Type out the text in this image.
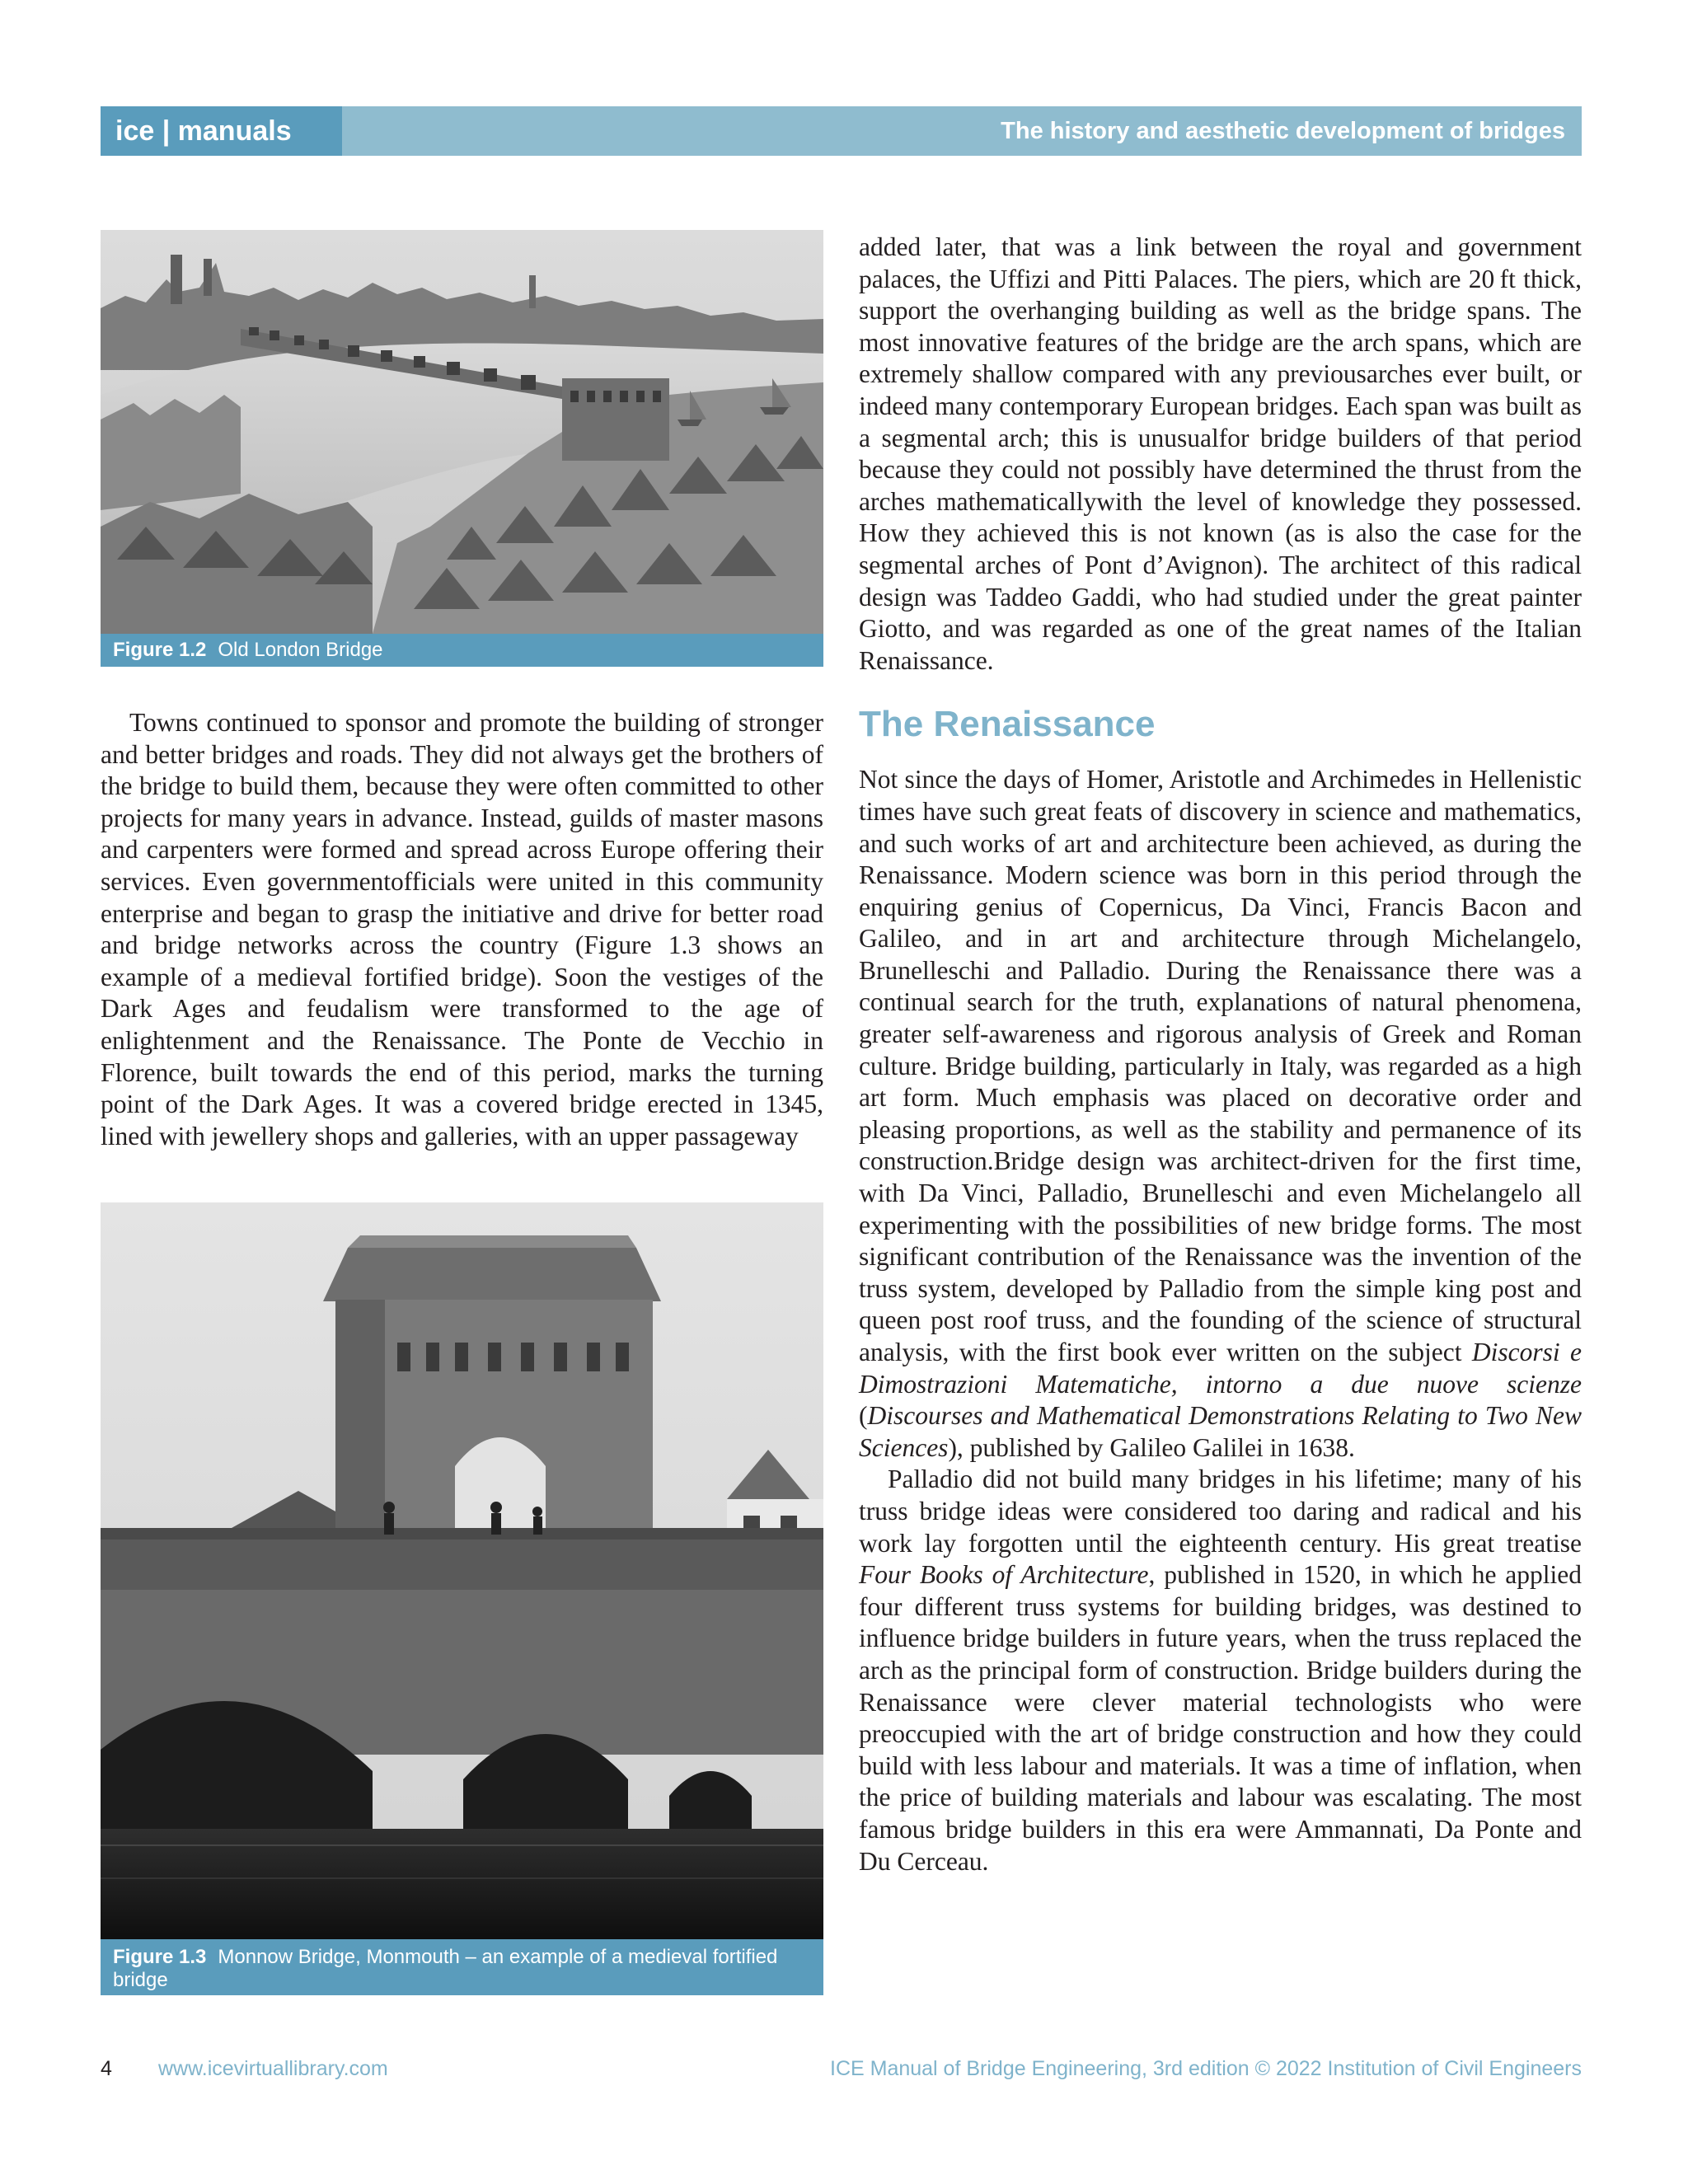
ice | manuals	The history and aesthetic development of bridges
Figure 1.2 Old London Bridge

Towns continued to sponsor and promote the building of stronger and better bridges and roads. They did not always get the brothers of the bridge to build them, because they were often committed to other projects for many years in advance. Instead, guilds of master masons and carpenters were formed and spread across Europe offering their services. Even governmentofficials were united in this community enterprise and began to grasp the initiative and drive for better road and bridge networks across the country (Figure 1.3 shows an example of a medieval fortified bridge). Soon the vestiges of the Dark Ages and feudalism were transformed to the age of enlightenment and the Renaissance. The Ponte de Vecchio in Florence, built towards the end of this period, marks the turning point of the Dark Ages. It was a covered bridge erected in 1345, lined with jewellery shops and galleries, with an upper passageway

Figure 1.3 Monnow Bridge, Monmouth – an example of a medieval fortified bridge

added later, that was a link between the royal and government palaces, the Uffizi and Pitti Palaces. The piers, which are 20 ft thick, support the overhanging building as well as the bridge spans. The most innovative features of the bridge are the arch spans, which are extremely shallow compared with any previousarches ever built, or indeed many contemporary European bridges. Each span was built as a segmental arch; this is unusualfor bridge builders of that period because they could not possibly have determined the thrust from the arches mathematicallywith the level of knowledge they possessed. How they achieved this is not known (as is also the case for the segmental arches of Pont d’Avignon). The architect of this radical design was Taddeo Gaddi, who had studied under the great painter Giotto, and was regarded as one of the great names of the Italian Renaissance.

The Renaissance

Not since the days of Homer, Aristotle and Archimedes in Hellenistic times have such great feats of discovery in science and mathematics, and such works of art and architecture been achieved, as during the Renaissance. Modern science was born in this period through the enquiring genius of Copernicus, Da Vinci, Francis Bacon and Galileo, and in art and architecture through Michelangelo, Brunelleschi and Palladio. During the Renaissance there was a continual search for the truth, explanations of natural phenomena, greater self-awareness and rigorous analysis of Greek and Roman culture. Bridge building, particularly in Italy, was regarded as a high art form. Much emphasis was placed on decorative order and pleasing proportions, as well as the stability and permanence of its construction.Bridge design was architect-driven for the first time, with Da Vinci, Palladio, Brunelleschi and even Michelangelo all experimenting with the possibilities of new bridge forms. The most significant contribution of the Renaissance was the invention of the truss system, developed by Palladio from the simple king post and queen post roof truss, and the founding of the science of structural analysis, with the first book ever written on the subject Discorsi e Dimostrazioni Matematiche, intorno a due nuove scienze (Discourses and Mathematical Demonstrations Relating to Two New Sciences), published by Galileo Galilei in 1638.

Palladio did not build many bridges in his lifetime; many of his truss bridge ideas were considered too daring and radical and his work lay forgotten until the eighteenth century. His great treatise Four Books of Architecture, published in 1520, in which he applied four different truss systems for building bridges, was destined to influence bridge builders in future years, when the truss replaced the arch as the principal form of construction. Bridge builders during the Renaissance were clever material technologists who were preoccupied with the art of bridge construction and how they could build with less labour and materials. It was a time of inflation, when the price of building materials and labour was escalating. The most famous bridge builders in this era were Ammannati, Da Ponte and Du Cerceau.

4 www.icevirtuallibrary.com	ICE Manual of Bridge Engineering, 3rd edition © 2022 Institution of Civil Engineers
